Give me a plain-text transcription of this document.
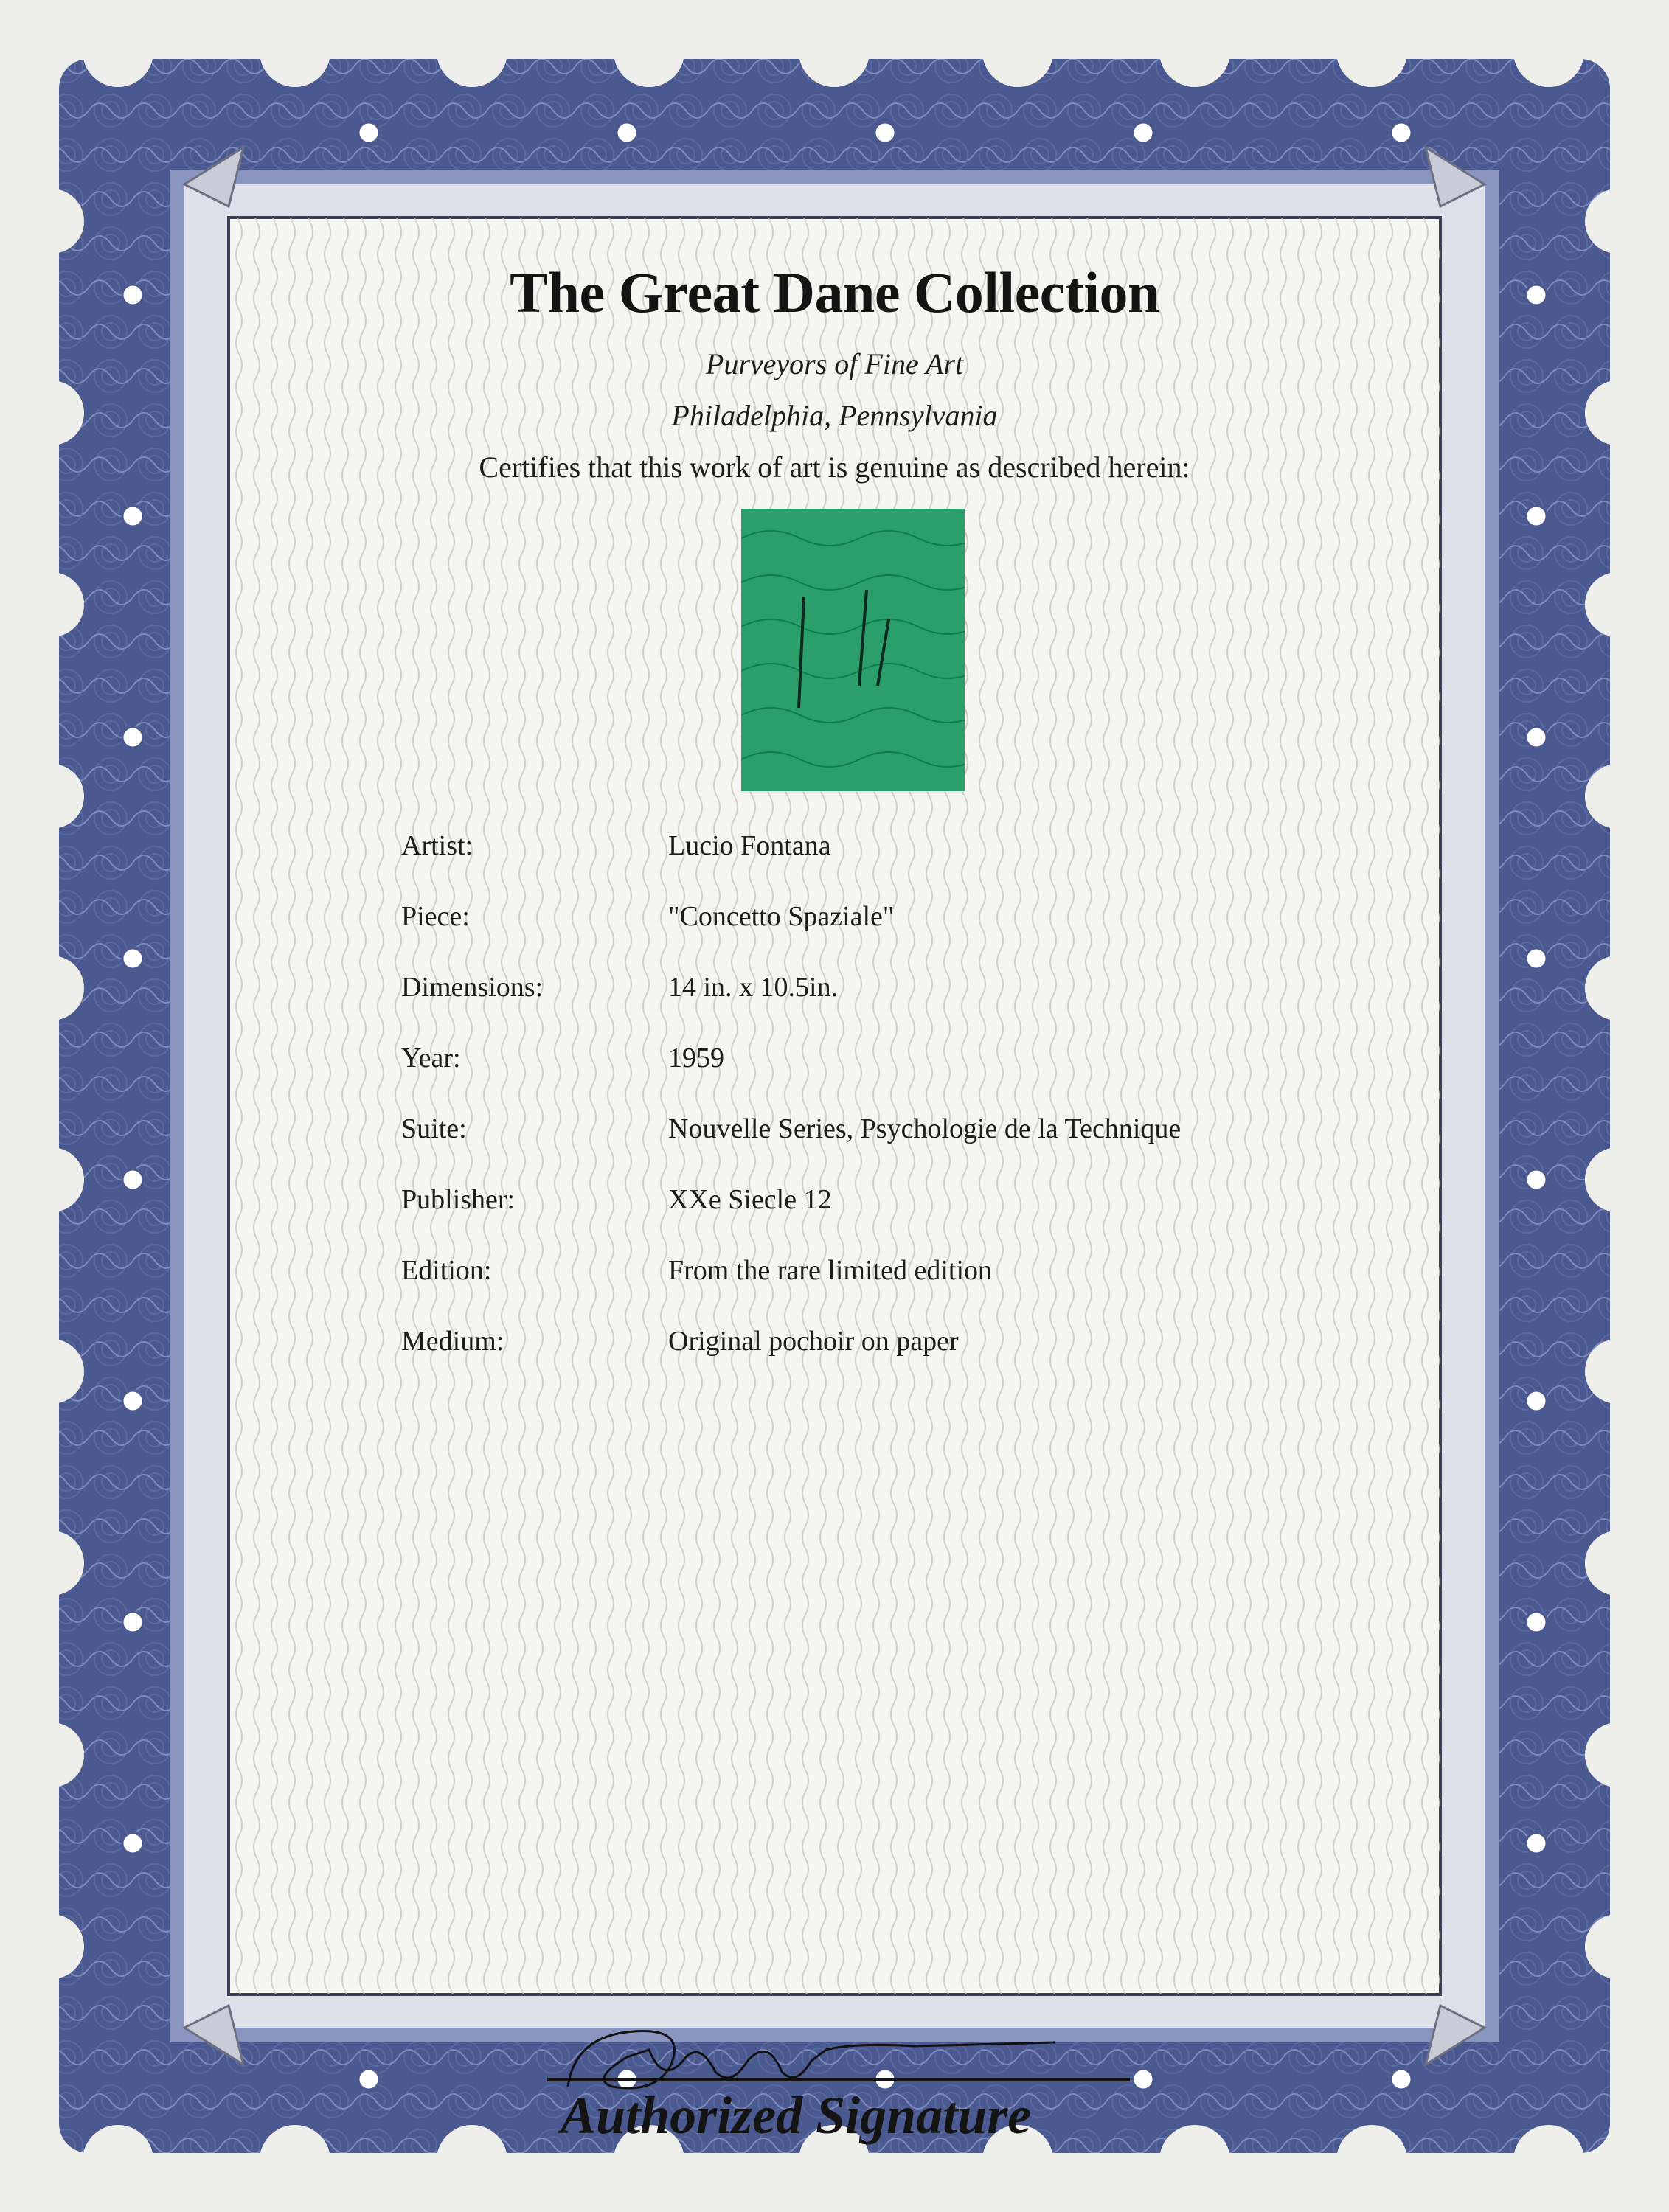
The Great Dane Collection
Purveyors of Fine Art
Philadelphia, Pennsylvania
Certifies that this work of art is genuine as described herein:
Artist:	Lucio Fontana
Piece:	"Concetto Spaziale"
Dimensions:	14 in. x 10.5in.
Year:	1959
Suite:	Nouvelle Series, Psychologie de la Technique
Publisher:	XXe Siecle 12
Edition:	From the rare limited edition
Medium:	Original pochoir on paper
Authorized Signature
